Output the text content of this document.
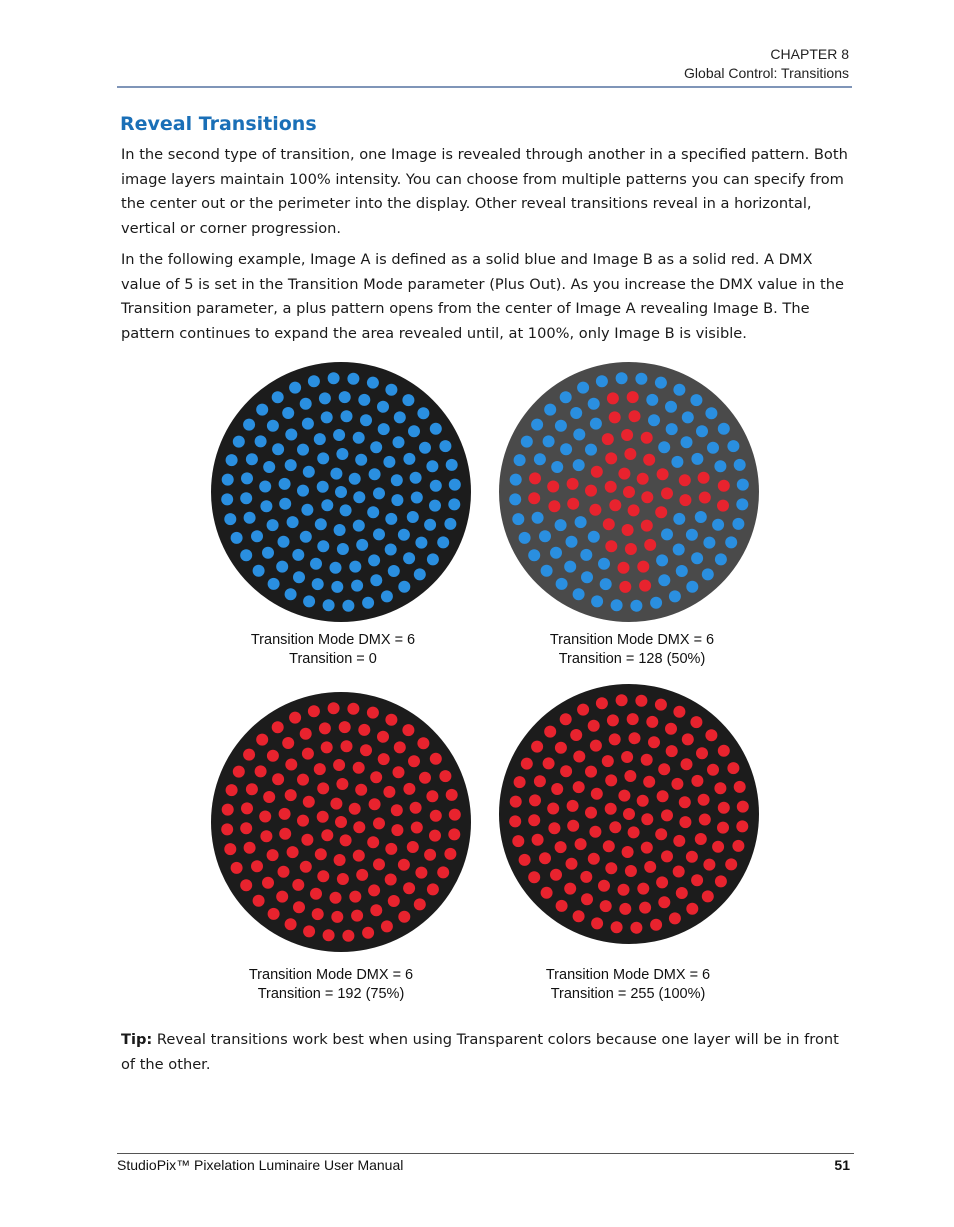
CHAPTER 8
Global Control: Transitions
Reveal Transitions

In the second type of transition, one Image is revealed through another in a specified pattern. Both image layers maintain 100% intensity. You can choose from multiple patterns you can specify from the center out or the perimeter into the display. Other reveal transitions reveal in a horizontal, vertical or corner progression.

In the following example, Image A is defined as a solid blue and Image B as a solid red. A DMX value of 5 is set in the Transition Mode parameter (Plus Out). As you increase the DMX value in the Transition parameter, a plus pattern opens from the center of Image A revealing Image B. The pattern continues to expand the area revealed until, at 100%, only Image B is visible.

Transition Mode DMX = 6
Transition = 0
Transition Mode DMX = 6
Transition = 128 (50%)
Transition Mode DMX = 6
Transition = 192 (75%)
Transition Mode DMX = 6
Transition = 255 (100%)

Tip: Reveal transitions work best when using Transparent colors because one layer will be in front of the other.

StudioPix™ Pixelation Luminaire User Manual	51
